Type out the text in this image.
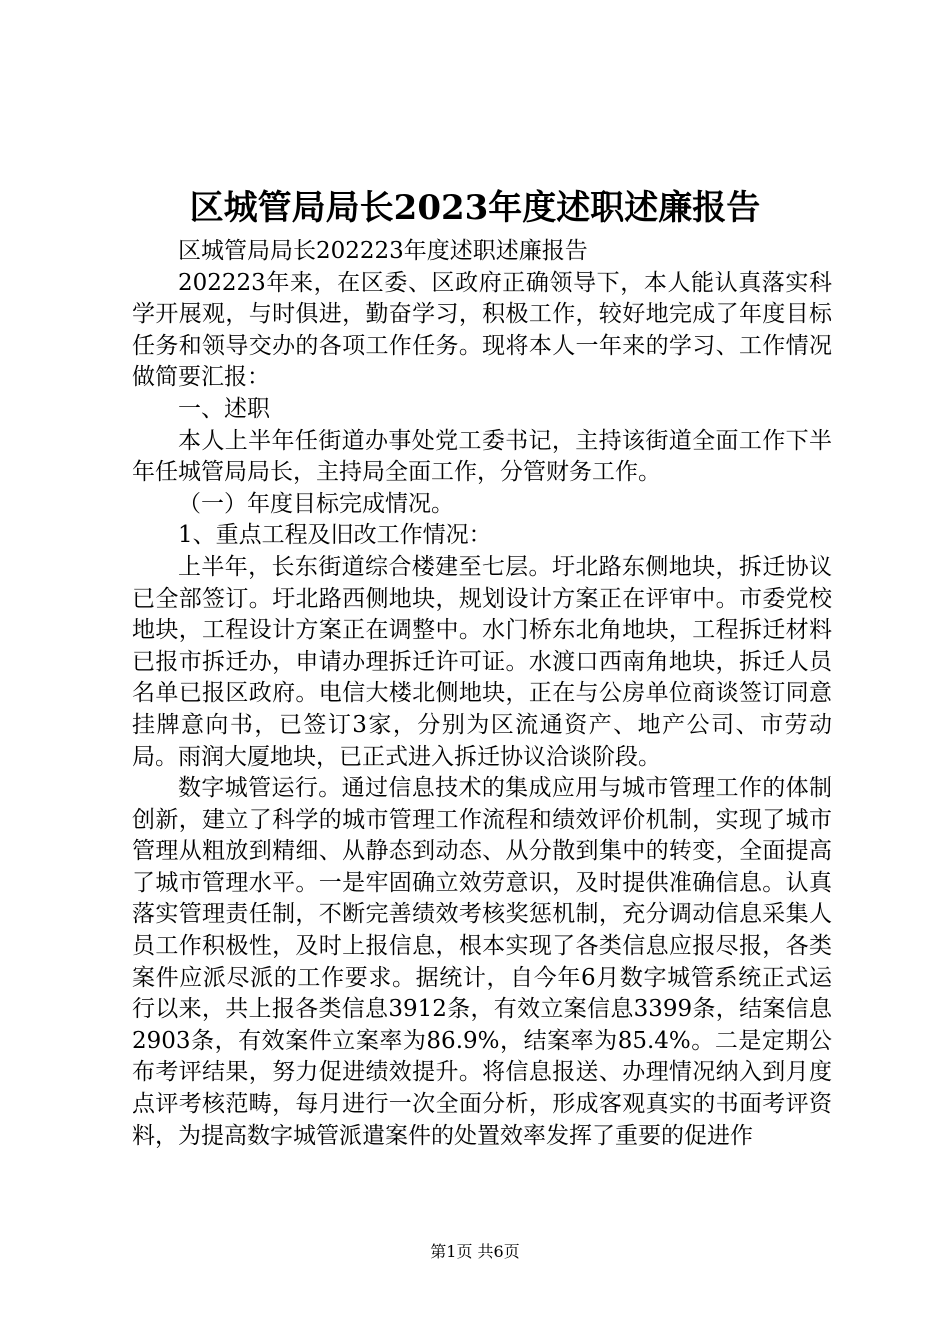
区城管局局长2023年度述职述廉报告

区城管局局长202223年度述职述廉报告

202223年来，在区委、区政府正确领导下，本人能认真落实科学开展观，与时俱进，勤奋学习，积极工作，较好地完成了年度目标任务和领导交办的各项工作任务。现将本人一年来的学习、工作情况做简要汇报：

一、述职

本人上半年任街道办事处党工委书记，主持该街道全面工作下半年任城管局局长，主持局全面工作，分管财务工作。

（一）年度目标完成情况。

1、重点工程及旧改工作情况：

上半年，长东街道综合楼建至七层。圩北路东侧地块，拆迁协议已全部签订。圩北路西侧地块，规划设计方案正在评审中。市委党校地块，工程设计方案正在调整中。水门桥东北角地块，工程拆迁材料已报市拆迁办，申请办理拆迁许可证。水渡口西南角地块，拆迁人员名单已报区政府。电信大楼北侧地块，正在与公房单位商谈签订同意挂牌意向书，已签订3家，分别为区流通资产、地产公司、市劳动局。雨润大厦地块，已正式进入拆迁协议洽谈阶段。

数字城管运行。通过信息技术的集成应用与城市管理工作的体制创新，建立了科学的城市管理工作流程和绩效评价机制，实现了城市管理从粗放到精细、从静态到动态、从分散到集中的转变，全面提高了城市管理水平。一是牢固确立效劳意识，及时提供准确信息。认真落实管理责任制，不断完善绩效考核奖惩机制，充分调动信息采集人员工作积极性，及时上报信息，根本实现了各类信息应报尽报，各类案件应派尽派的工作要求。据统计，自今年6月数字城管系统正式运行以来，共上报各类信息3912条，有效立案信息3399条，结案信息2903条，有效案件立案率为86.9%，结案率为85.4%。二是定期公布考评结果，努力促进绩效提升。将信息报送、办理情况纳入到月度点评考核范畴，每月进行一次全面分析，形成客观真实的书面考评资料，为提高数字城管派遣案件的处置效率发挥了重要的促进作

第1页 共6页
